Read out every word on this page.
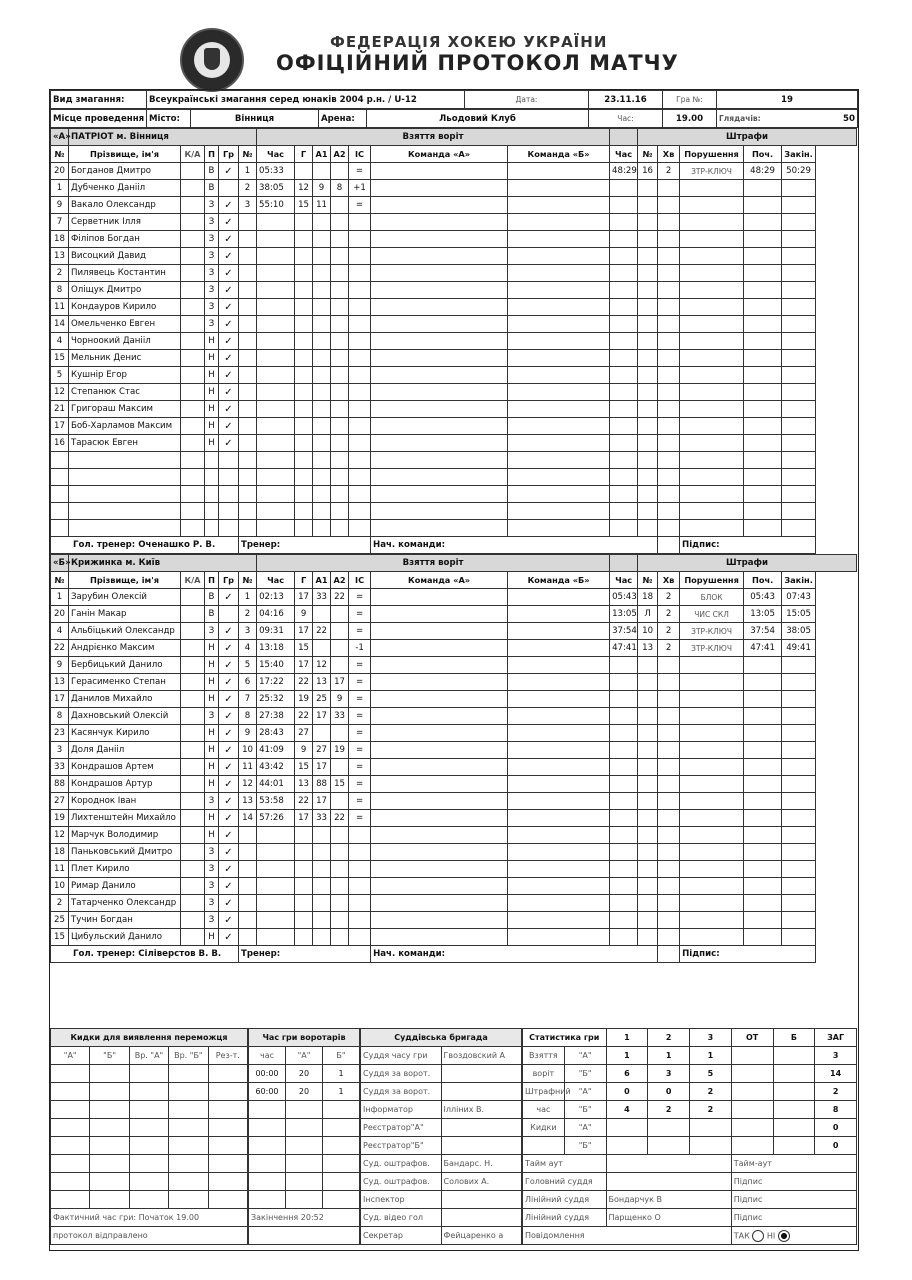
ФЕДЕРАЦІЯ ХОКЕЮ УКРАЇНИ
ОФІЦІЙНИЙ ПРОТОКОЛ МАТЧУ
Вид змагання:	Всеукраїнські змагання серед юнаків 2004 р.н. / U-12	Дата:	23.11.16	Гра №:	19
Місце проведення	Місто:	Вінниця	Арена:	Льодовий Клуб	Час:	19.00	Глядачів:	50
«А»	ПАТРІОТ м. Вінниця					Взяття воріт								Штрафи				
№	Прізвище, ім'я	К/А	П	Гр	№	Час	Г	А1	А2	ІС	Команда «А»	Команда «Б»	Час	№	Хв	Порушення	Поч.	Закін.
20	Богданов Дмитро		В	✓	1	05:33				=			48:29	16	2	ЗТР-КЛЮЧ	48:29	50:29
1	Дубченко Данііл		В		2	38:05	12	9	8	+1								
9	Вакало Олександр		З	✓	3	55:10	15	11		=								
7	Серветник Ілля		З	✓														
18	Філіпов Богдан		З	✓														
13	Висоцкий Давид		З	✓														
2	Пилявець Костантин		З	✓														
8	Оліщук Дмитро		З	✓														
11	Кондауров Кирило		З	✓														
14	Омельченко Евген		З	✓														
4	Чорноокий Данііл		Н	✓														
15	Мельник Денис		Н	✓														
5	Кушнір Егор		Н	✓														
12	Степанюк Стас		Н	✓														
21	Григораш Максим		Н	✓														
17	Боб-Харламов Максим		Н	✓														
16	Тарасюк Евген		Н	✓														

Гол. тренер: Оченашко Р. В.					Тренер:						Нач. команди:					Підпис:		
«Б»	Крижинка м. Київ					Взяття воріт								Штрафи				
№	Прізвище, ім'я	К/А	П	Гр	№	Час	Г	А1	А2	ІС	Команда «А»	Команда «Б»	Час	№	Хв	Порушення	Поч.	Закін.
1	Зарубин Олексій		В	✓	1	02:13	17	33	22	=			05:43	18	2	БЛОК	05:43	07:43
20	Ганін Макар		В		2	04:16	9			=			13:05	Л	2	ЧИС СКЛ	13:05	15:05
4	Альбіцький Олександр		З	✓	3	09:31	17	22		=			37:54	10	2	ЗТР-КЛЮЧ	37:54	38:05
22	Андрієнко Максим		Н	✓	4	13:18	15			-1			47:41	13	2	ЗТР-КЛЮЧ	47:41	49:41
9	Бербицький Данило		Н	✓	5	15:40	17	12		=								
13	Герасименко Степан		Н	✓	6	17:22	22	13	17	=								
17	Данилов Михайло		Н	✓	7	25:32	19	25	9	=								
8	Дахновський Олексій		З	✓	8	27:38	22	17	33	=								
23	Касянчук Кирило		Н	✓	9	28:43	27			=								
3	Доля Данііл		Н	✓	10	41:09	9	27	19	=								
33	Кондрашов Артем		Н	✓	11	43:42	15	17		=								
88	Кондрашов Артур		Н	✓	12	44:01	13	88	15	=								
27	Короднок Іван		З	✓	13	53:58	22	17		=								
19	Лихтенштейн Михайло		Н	✓	14	57:26	17	33	22	=								
12	Марчук Володимир		Н	✓														
18	Паньковський Дмитро		З	✓														
11	Плет Кирило		З	✓														
10	Римар Данило		З	✓														
2	Татарченко Олександр		З	✓														
25	Тучин Богдан		З	✓														
15	Цибульский Данило		Н	✓														
Гол. тренер: Сіліверстов В. В.					Тренер:						Нач. команди:					Підпис:		
Кидки для виявлення переможця				
"А"	"Б"	Вр. "А"	Вр. "Б"	Рез-т.

Фактичний час гри: Початок 19.00				
протокол відправлено				
Час гри воротарів		
час	"А"	Б"
00:00	20	1
60:00	20	1

Закінчення 20:52		

Суддівська бригада	
Суддя часу гри	Гвоздовский А
Суддя за ворот.	
Суддя за ворот.	
Інформатор	Ілліних В.
Реєстратор"А"	
Реєстратор"Б"	
Суд. оштрафов.	Бандарс. Н.
Суд. оштрафов.	Солових А.
Інспектор	
Суд. відео гол	
Секретар	Фейцаренко а
Статистика гри		1	2	3	ОТ	Б	ЗАГ
Взяття	"А"	1	1	1			3
воріт	"Б"	6	3	5			14
Штрафний	"А"	0	0	2			2
час	"Б"	4	2	2			8
Кидки	"А"						0
	"Б"						0
Тайм аут					Тайм-аут		
Головний суддя					Підпис		
Лінійний суддя		Бондарчук В			Підпис		
Лінійний суддя		Парщенко О			Підпис		
Повідомлення					ТАК  НІ		
